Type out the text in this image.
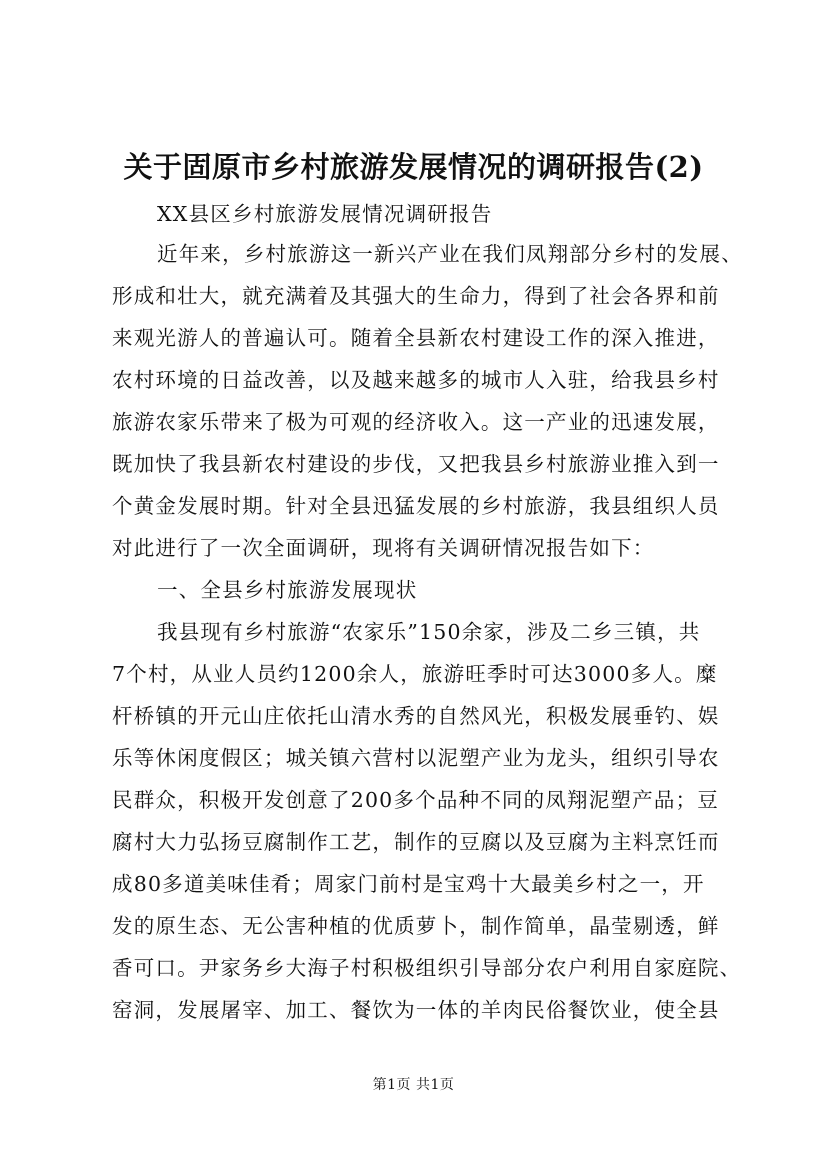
关于固原市乡村旅游发展情况的调研报告(2)
XX县区乡村旅游发展情况调研报告
近年来，乡村旅游这一新兴产业在我们凤翔部分乡村的发展、
形成和壮大，就充满着及其强大的生命力，得到了社会各界和前
来观光游人的普遍认可。随着全县新农村建设工作的深入推进，
农村环境的日益改善，以及越来越多的城市人入驻，给我县乡村
旅游农家乐带来了极为可观的经济收入。这一产业的迅速发展，
既加快了我县新农村建设的步伐，又把我县乡村旅游业推入到一
个黄金发展时期。针对全县迅猛发展的乡村旅游，我县组织人员
对此进行了一次全面调研，现将有关调研情况报告如下：
一、全县乡村旅游发展现状
我县现有乡村旅游“农家乐”150余家，涉及二乡三镇，共
7个村，从业人员约1200余人，旅游旺季时可达3000多人。糜
杆桥镇的开元山庄依托山清水秀的自然风光，积极发展垂钓、娱
乐等休闲度假区；城关镇六营村以泥塑产业为龙头，组织引导农
民群众，积极开发创意了200多个品种不同的凤翔泥塑产品；豆
腐村大力弘扬豆腐制作工艺，制作的豆腐以及豆腐为主料烹饪而
成80多道美味佳肴；周家门前村是宝鸡十大最美乡村之一，开
发的原生态、无公害种植的优质萝卜，制作简单，晶莹剔透，鲜
香可口。尹家务乡大海子村积极组织引导部分农户利用自家庭院、
窑洞，发展屠宰、加工、餐饮为一体的羊肉民俗餐饮业，使全县
第1页 共1页
